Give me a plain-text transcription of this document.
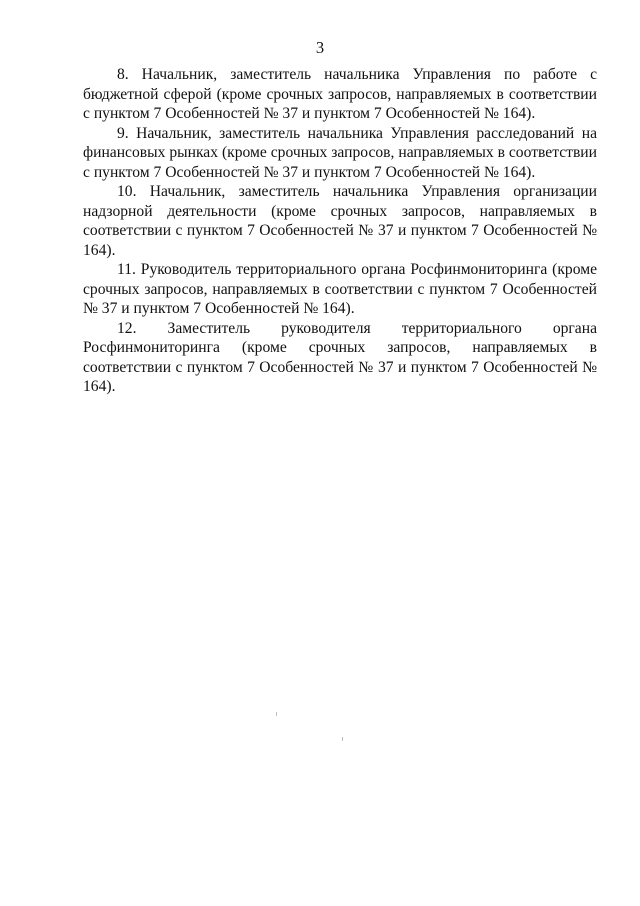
3

8. Начальник, заместитель начальника Управления по работе с бюджетной сферой (кроме срочных запросов, направляемых в соответствии с пунктом 7 Особенностей № 37 и пунктом 7 Особенностей № 164).

9. Начальник, заместитель начальника Управления расследований на финансовых рынках (кроме срочных запросов, направляемых в соответствии с пунктом 7 Особенностей № 37 и пунктом 7 Особенностей № 164).

10. Начальник, заместитель начальника Управления организации надзорной деятельности (кроме срочных запросов, направляемых в соответствии с пунктом 7 Особенностей № 37 и пунктом 7 Особенностей № 164).

11. Руководитель территориального органа Росфинмониторинга (кроме срочных запросов, направляемых в соответствии с пунктом 7 Особенностей № 37 и пунктом 7 Особенностей № 164).

12. Заместитель руководителя территориального органа Росфинмониторинга (кроме срочных запросов, направляемых в соответствии с пунктом 7 Особенностей № 37 и пунктом 7 Особенностей № 164).
